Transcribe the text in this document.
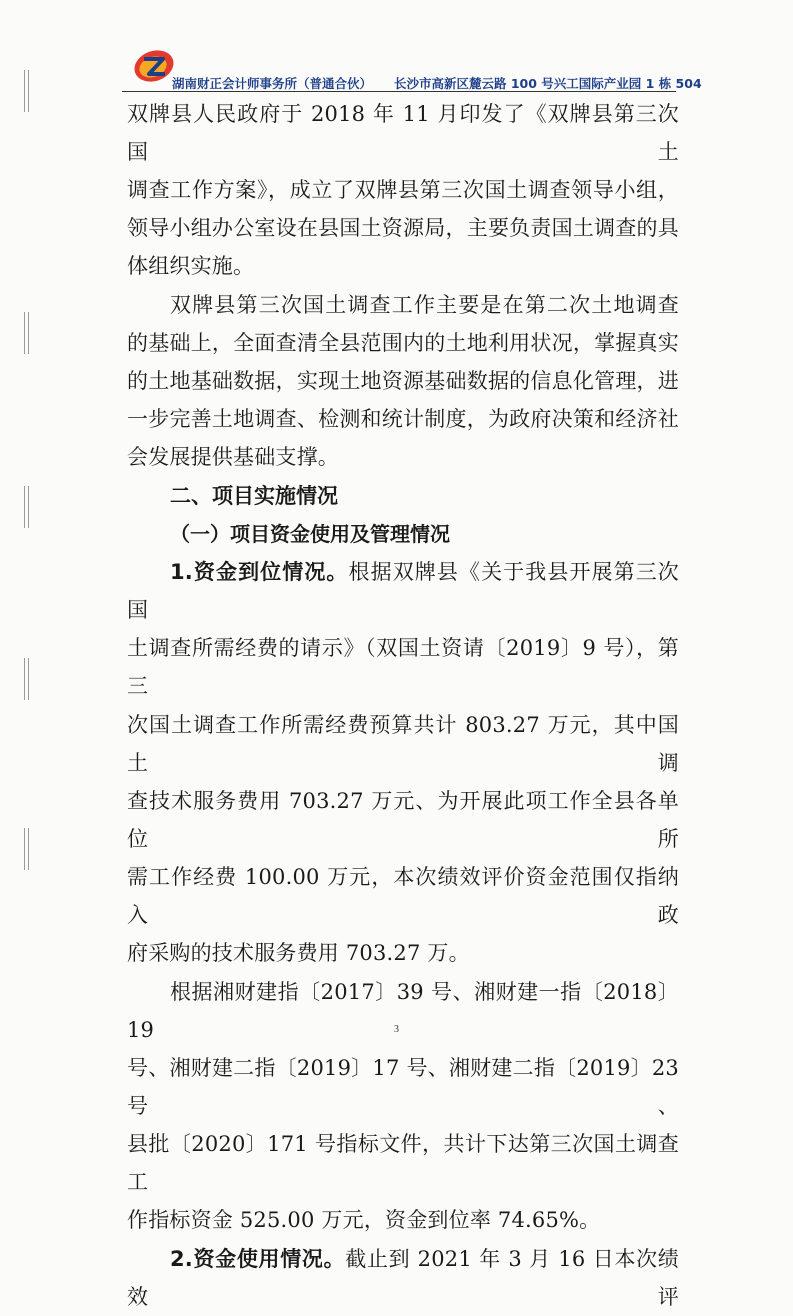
湖南财正会计师事务所（普通合伙） 长沙市高新区麓云路 100 号兴工国际产业园 1 栋 504

双牌县人民政府于 2018 年 11 月印发了《双牌县第三次国土

调查工作方案》，成立了双牌县第三次国土调查领导小组，

领导小组办公室设在县国土资源局，主要负责国土调查的具

体组织实施。

双牌县第三次国土调查工作主要是在第二次土地调查

的基础上，全面查清全县范围内的土地利用状况，掌握真实

的土地基础数据，实现土地资源基础数据的信息化管理，进

一步完善土地调查、检测和统计制度，为政府决策和经济社

会发展提供基础支撑。

二、项目实施情况
（一）项目资金使用及管理情况

1.资金到位情况。根据双牌县《关于我县开展第三次国

土调查所需经费的请示》（双国土资请〔2019〕9 号），第三

次国土调查工作所需经费预算共计 803.27 万元，其中国土调

查技术服务费用 703.27 万元、为开展此项工作全县各单位所

需工作经费 100.00 万元，本次绩效评价资金范围仅指纳入政

府采购的技术服务费用 703.27 万。

根据湘财建指〔2017〕39 号、湘财建一指〔2018〕19

号、湘财建二指〔2019〕17 号、湘财建二指〔2019〕23 号、

县批〔2020〕171 号指标文件，共计下达第三次国土调查工

作指标资金 525.00 万元，资金到位率 74.65%。

2.资金使用情况。截止到 2021 年 3 月 16 日本次绩效评

3
